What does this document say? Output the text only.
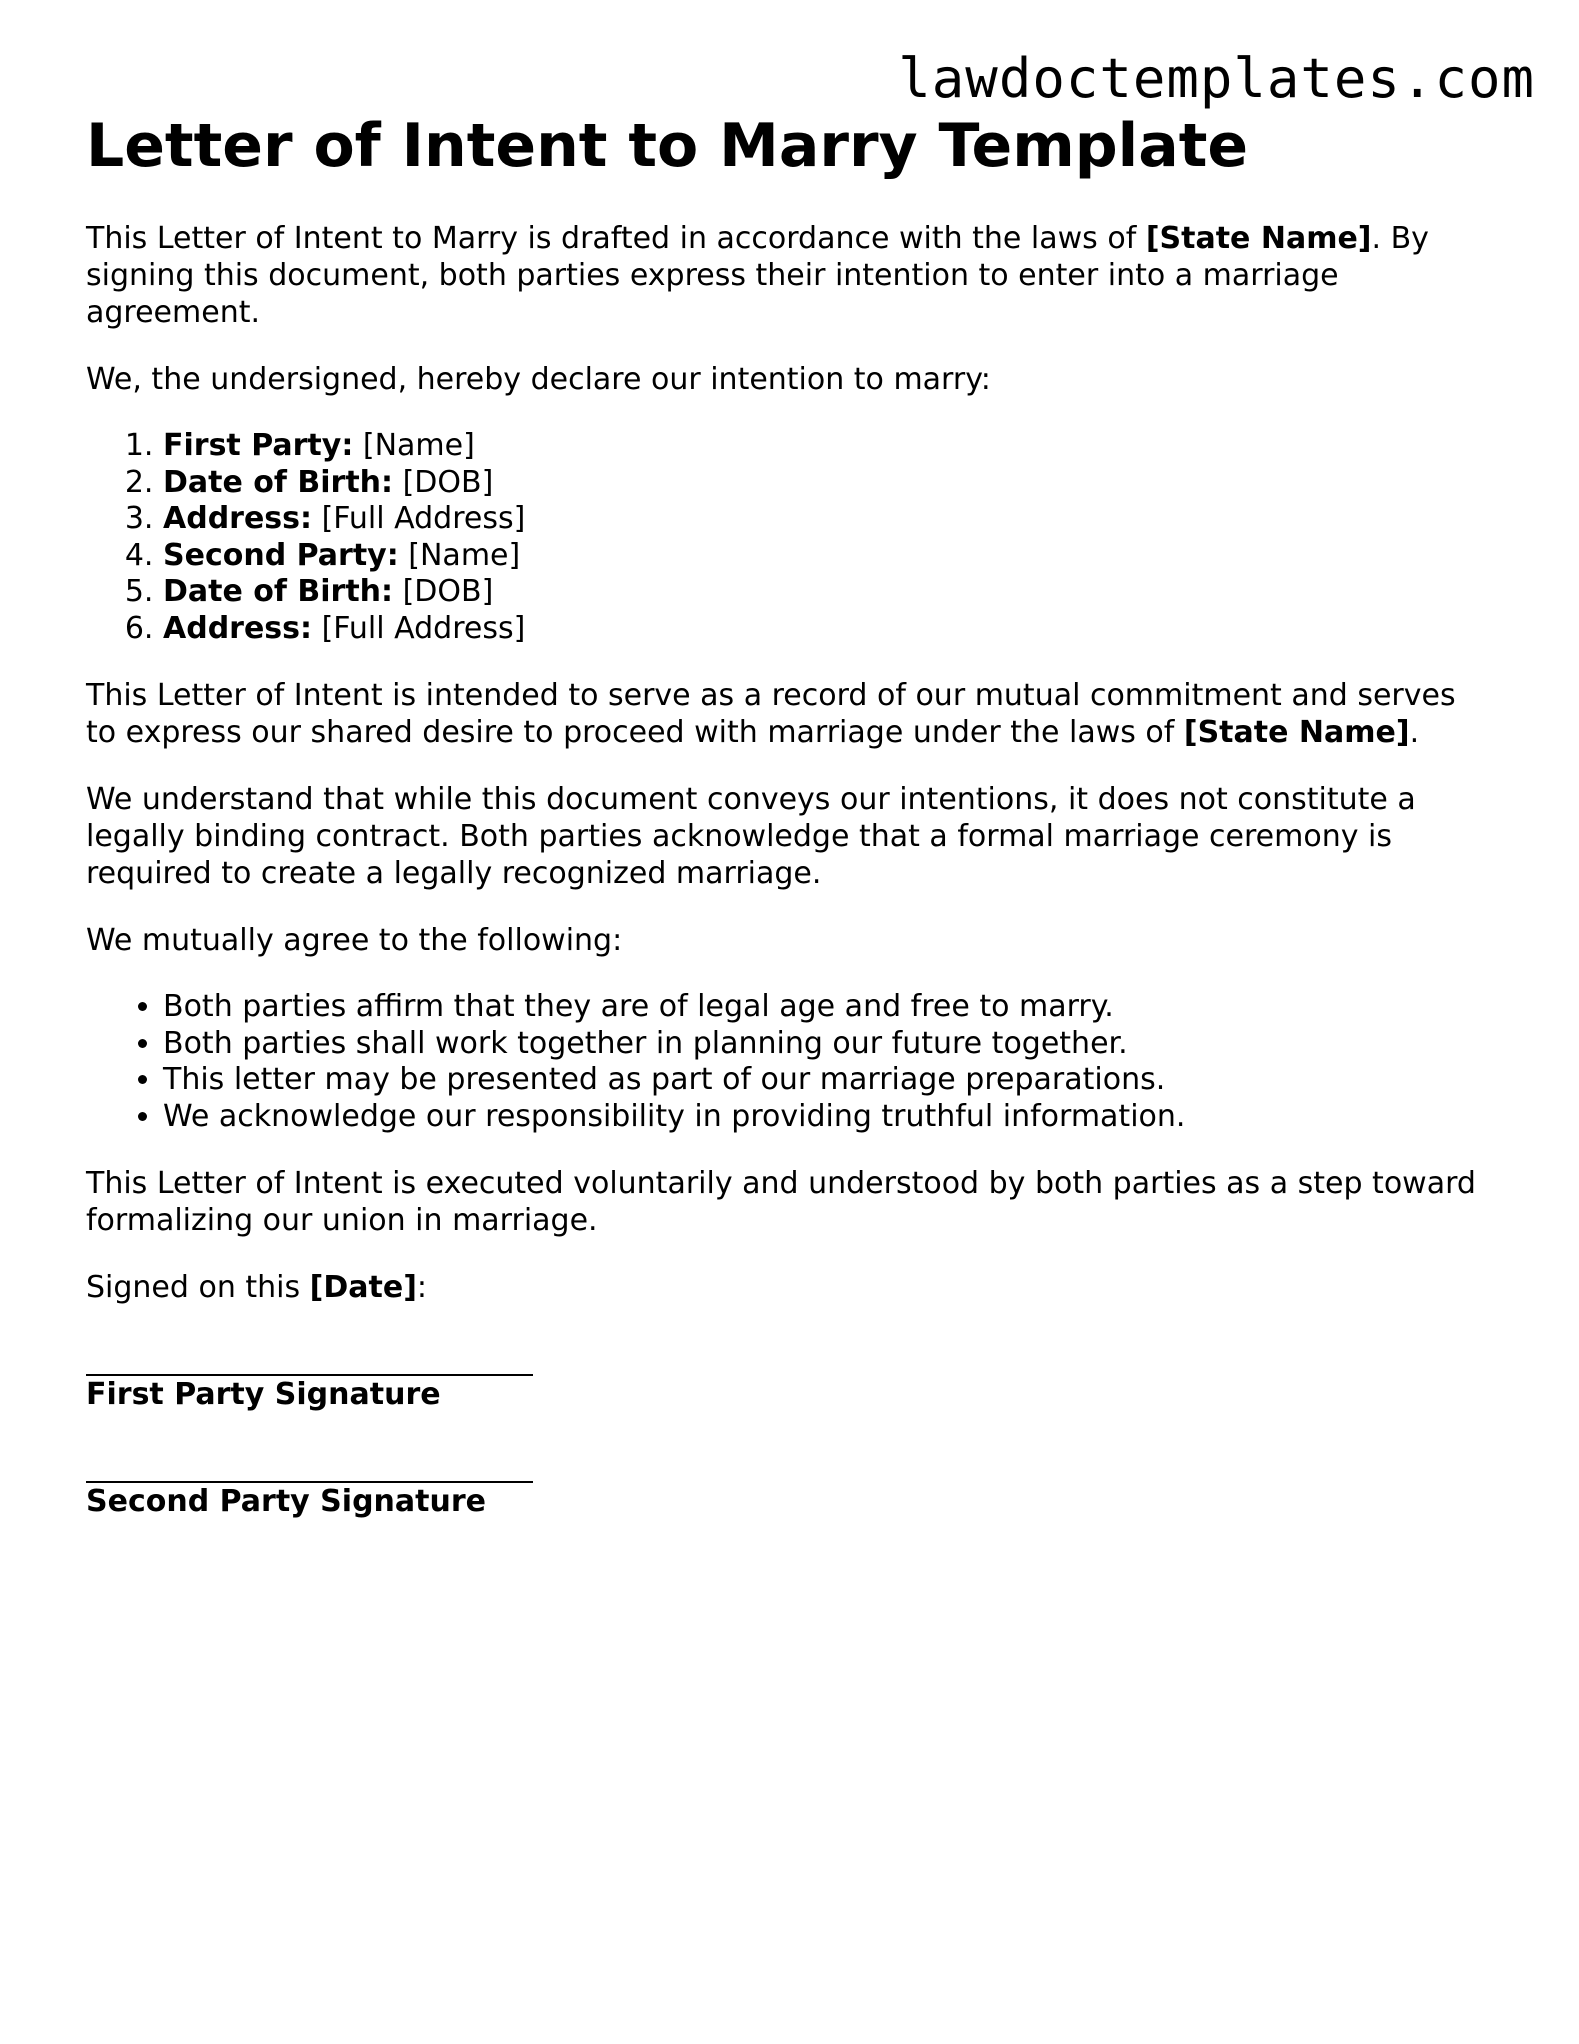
lawdoctemplates.com
Letter of Intent to Marry Template

This Letter of Intent to Marry is drafted in accordance with the laws of [State Name]. By signing this document, both parties express their intention to enter into a marriage agreement.

We, the undersigned, hereby declare our intention to marry:

1. First Party: [Name]
2. Date of Birth: [DOB]
3. Address: [Full Address]
4. Second Party: [Name]
5. Date of Birth: [DOB]
6. Address: [Full Address]

This Letter of Intent is intended to serve as a record of our mutual commitment and serves to express our shared desire to proceed with marriage under the laws of [State Name].

We understand that while this document conveys our intentions, it does not constitute a legally binding contract. Both parties acknowledge that a formal marriage ceremony is required to create a legally recognized marriage.

We mutually agree to the following:

• Both parties affirm that they are of legal age and free to marry.
• Both parties shall work together in planning our future together.
• This letter may be presented as part of our marriage preparations.
• We acknowledge our responsibility in providing truthful information.

This Letter of Intent is executed voluntarily and understood by both parties as a step toward formalizing our union in marriage.

Signed on this [Date]:

First Party Signature

Second Party Signature
